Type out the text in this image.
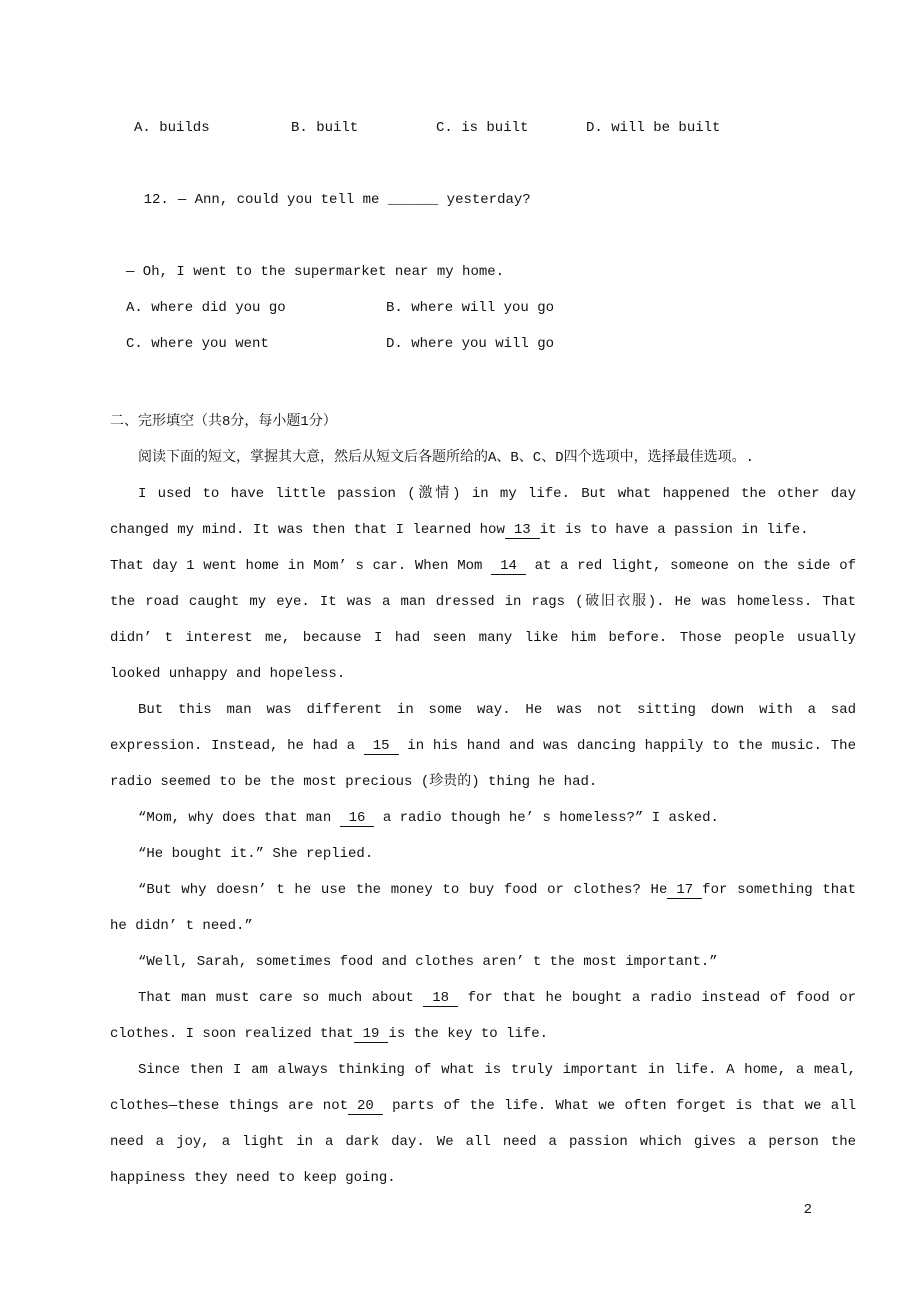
A. builds	B. built	C. is built	D. will be built

12. — Ann, could you tell me ______ yesterday?

— Oh, I went to the supermarket near my home.
A. where did you go	B. where will you go
C. where you went	D. where you will go
二、完形填空（共8分，每小题1分）

阅读下面的短文，掌握其大意，然后从短文后各题所给的A、B、C、D四个选项中，选择最佳选项。.

I used to have little passion (激情) in my life. But what happened the other day changed my mind. It was then that I learned how 13 it is to have a passion in life.

That day 1 went home in Mom’ s car. When Mom 14 at a red light, someone on the side of the road caught my eye. It was a man dressed in rags (破旧衣服). He was homeless. That didn’ t interest me, because I had seen many like him before. Those people usually looked unhappy and hopeless.

But this man was different in some way. He was not sitting down with a sad expression. Instead, he had a 15 in his hand and was dancing happily to the music. The radio seemed to be the most precious (珍贵的) thing he had.

“Mom, why does that man 16 a radio though he’ s homeless?” I asked.

“He bought it.” She replied.

“But why doesn’ t he use the money to buy food or clothes? He 17 for something that he didn’ t need.”

“Well, Sarah, sometimes food and clothes aren’ t the most important.”

That man must care so much about 18 for that he bought a radio instead of food or clothes. I soon realized that 19 is the key to life.

Since then I am always thinking of what is truly important in life. A home, a meal, clothes—these things are not 20 parts of the life. What we often forget is that we all need a joy, a light in a dark day. We all need a passion which gives a person the happiness they need to keep going.

2
